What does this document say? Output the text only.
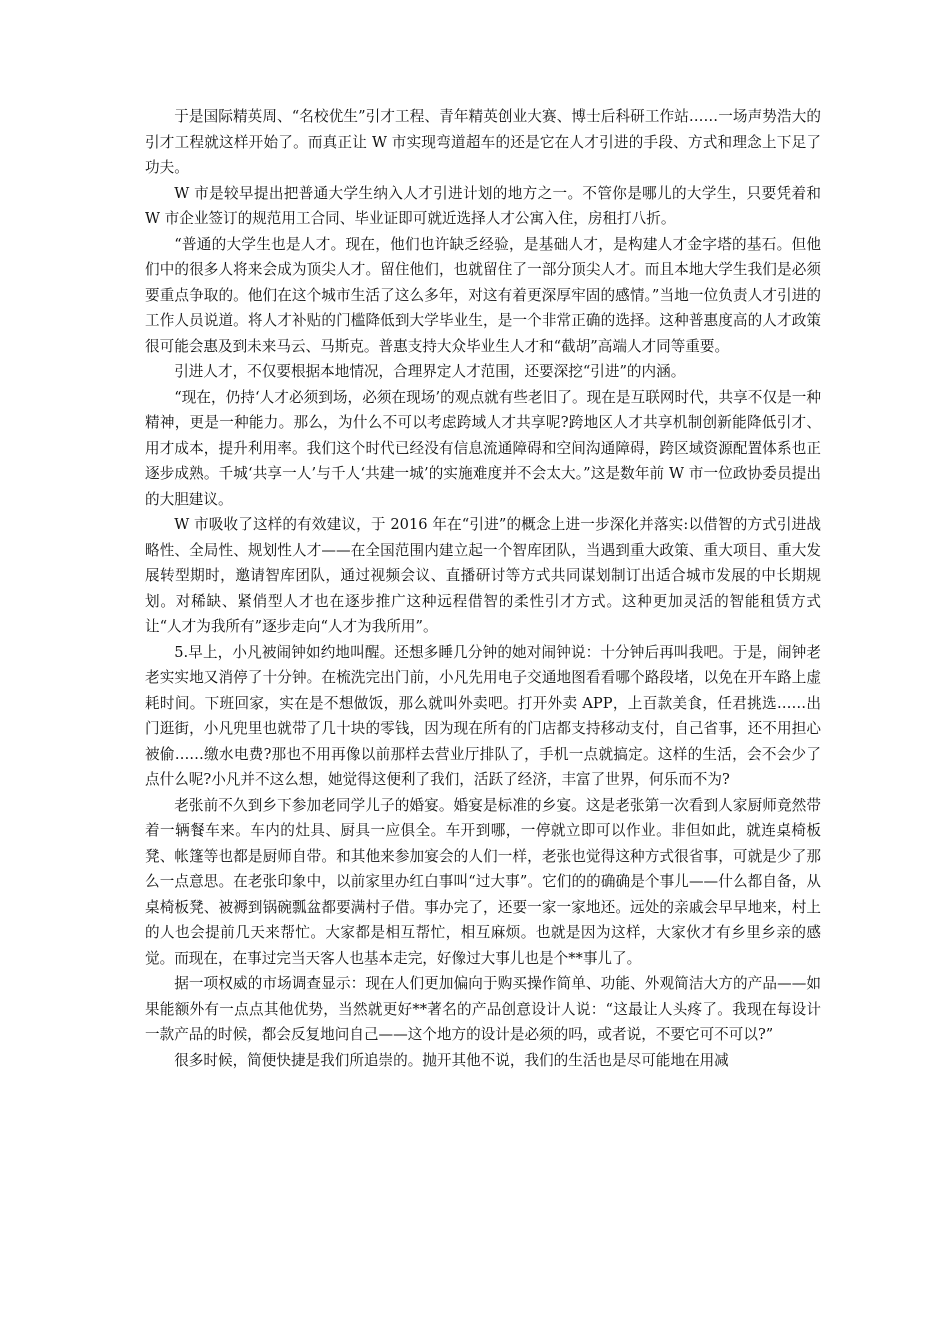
于是国际精英周、“名校优生”引才工程、青年精英创业大赛、博士后科研工作站……一场声势浩大的引才工程就这样开始了。而真正让 W 市实现弯道超车的还是它在人才引进的手段、方式和理念上下足了功夫。

W 市是较早提出把普通大学生纳入人才引进计划的地方之一。不管你是哪儿的大学生，只要凭着和 W 市企业签订的规范用工合同、毕业证即可就近选择人才公寓入住，房租打八折。

“普通的大学生也是人才。现在，他们也许缺乏经验，是基础人才，是构建人才金字塔的基石。但他们中的很多人将来会成为顶尖人才。留住他们，也就留住了一部分顶尖人才。而且本地大学生我们是必须要重点争取的。他们在这个城市生活了这么多年，对这有着更深厚牢固的感情。”当地一位负责人才引进的工作人员说道。将人才补贴的门槛降低到大学毕业生，是一个非常正确的选择。这种普惠度高的人才政策很可能会惠及到未来马云、马斯克。普惠支持大众毕业生人才和“截胡”高端人才同等重要。

引进人才，不仅要根据本地情况，合理界定人才范围，还要深挖“引进”的内涵。

“现在，仍持‘人才必须到场，必须在现场’的观点就有些老旧了。现在是互联网时代，共享不仅是一种精神，更是一种能力。那么，为什么不可以考虑跨域人才共享呢?跨地区人才共享机制创新能降低引才、用才成本，提升利用率。我们这个时代已经没有信息流通障碍和空间沟通障碍，跨区域资源配置体系也正逐步成熟。千城‘共享一人’与千人‘共建一城’的实施难度并不会太大。”这是数年前 W 市一位政协委员提出的大胆建议。

W 市吸收了这样的有效建议，于 2016 年在“引进”的概念上进一步深化并落实:以借智的方式引进战略性、全局性、规划性人才——在全国范围内建立起一个智库团队，当遇到重大政策、重大项目、重大发展转型期时，邀请智库团队，通过视频会议、直播研讨等方式共同谋划制订出适合城市发展的中长期规划。对稀缺、紧俏型人才也在逐步推广这种远程借智的柔性引才方式。这种更加灵活的智能租赁方式让“人才为我所有”逐步走向“人才为我所用”。

5.早上，小凡被闹钟如约地叫醒。还想多睡几分钟的她对闹钟说：十分钟后再叫我吧。于是，闹钟老老实实地又消停了十分钟。在梳洗完出门前，小凡先用电子交通地图看看哪个路段堵，以免在开车路上虚耗时间。下班回家，实在是不想做饭，那么就叫外卖吧。打开外卖 APP，上百款美食，任君挑选……出门逛街，小凡兜里也就带了几十块的零钱，因为现在所有的门店都支持移动支付，自己省事，还不用担心被偷……缴水电费?那也不用再像以前那样去营业厅排队了，手机一点就搞定。这样的生活，会不会少了点什么呢?小凡并不这么想，她觉得这便利了我们，活跃了经济，丰富了世界，何乐而不为?

老张前不久到乡下参加老同学儿子的婚宴。婚宴是标准的乡宴。这是老张第一次看到人家厨师竟然带着一辆餐车来。车内的灶具、厨具一应俱全。车开到哪，一停就立即可以作业。非但如此，就连桌椅板凳、帐篷等也都是厨师自带。和其他来参加宴会的人们一样，老张也觉得这种方式很省事，可就是少了那么一点意思。在老张印象中，以前家里办红白事叫“过大事”。它们的的确确是个事儿——什么都自备，从桌椅板凳、被褥到锅碗瓢盆都要满村子借。事办完了，还要一家一家地还。远处的亲戚会早早地来，村上的人也会提前几天来帮忙。大家都是相互帮忙，相互麻烦。也就是因为这样，大家伙才有乡里乡亲的感觉。而现在，在事过完当天客人也基本走完，好像过大事儿也是个**事儿了。

据一项权威的市场调查显示：现在人们更加偏向于购买操作简单、功能、外观简洁大方的产品——如果能额外有一点点其他优势，当然就更好**著名的产品创意设计人说：“这最让人头疼了。我现在每设计一款产品的时候，都会反复地问自己——这个地方的设计是必须的吗，或者说，不要它可不可以?”

很多时候，简便快捷是我们所追崇的。抛开其他不说，我们的生活也是尽可能地在用减
